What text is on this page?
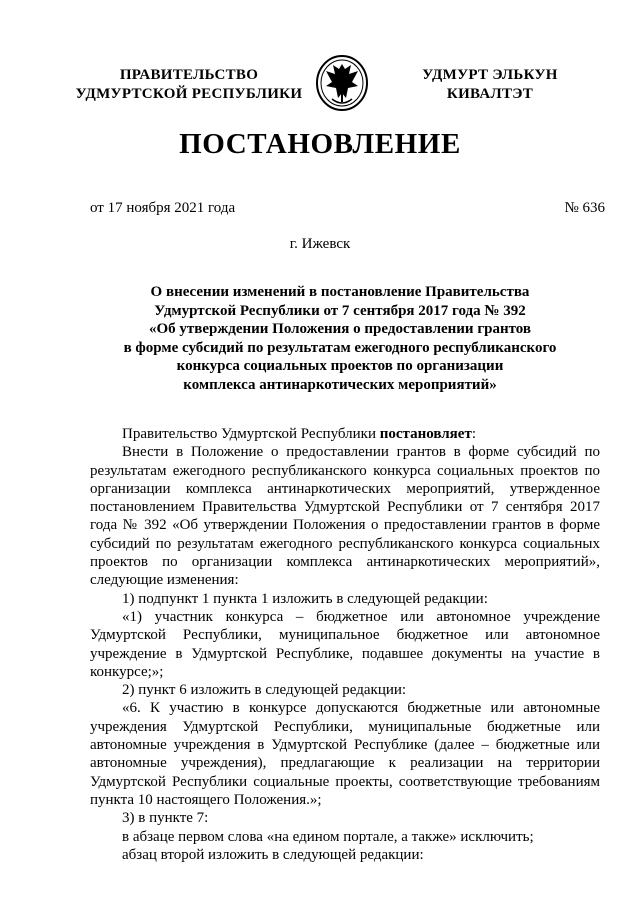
ПРАВИТЕЛЬСТВО
УДМУРТСКОЙ РЕСПУБЛИКИ
УДМУРТ ЭЛЬКУН
КИВАЛТЭТ
ПОСТАНОВЛЕНИЕ
от 17 ноября 2021 года	№ 636
г. Ижевск
О внесении изменений в постановление Правительства
Удмуртской Республики от 7 сентября 2017 года № 392
«Об утверждении Положения о предоставлении грантов
в форме субсидий по результатам ежегодного республиканского
конкурса социальных проектов по организации
комплекса антинаркотических мероприятий»

Правительство Удмуртской Республики постановляет:

Внести в Положение о предоставлении грантов в форме субсидий по результатам ежегодного республиканского конкурса социальных проектов по организации комплекса антинаркотических мероприятий, утвержденное постановлением Правительства Удмуртской Республики от 7 сентября 2017 года № 392 «Об утверждении Положения о предоставлении грантов в форме субсидий по результатам ежегодного республиканского конкурса социальных проектов по организации комплекса антинаркотических мероприятий», следующие изменения:

1) подпункт 1 пункта 1 изложить в следующей редакции:

«1) участник конкурса – бюджетное или автономное учреждение Удмуртской Республики, муниципальное бюджетное или автономное учреждение в Удмуртской Республике, подавшее документы на участие в конкурсе;»;

2) пункт 6 изложить в следующей редакции:

«6. К участию в конкурсе допускаются бюджетные или автономные учреждения Удмуртской Республики, муниципальные бюджетные или автономные учреждения в Удмуртской Республике (далее – бюджетные или автономные учреждения), предлагающие к реализации на территории Удмуртской Республики социальные проекты, соответствующие требованиям пункта 10 настоящего Положения.»;

3) в пункте 7:

в абзаце первом слова «на едином портале, а также» исключить;

абзац второй изложить в следующей редакции:
